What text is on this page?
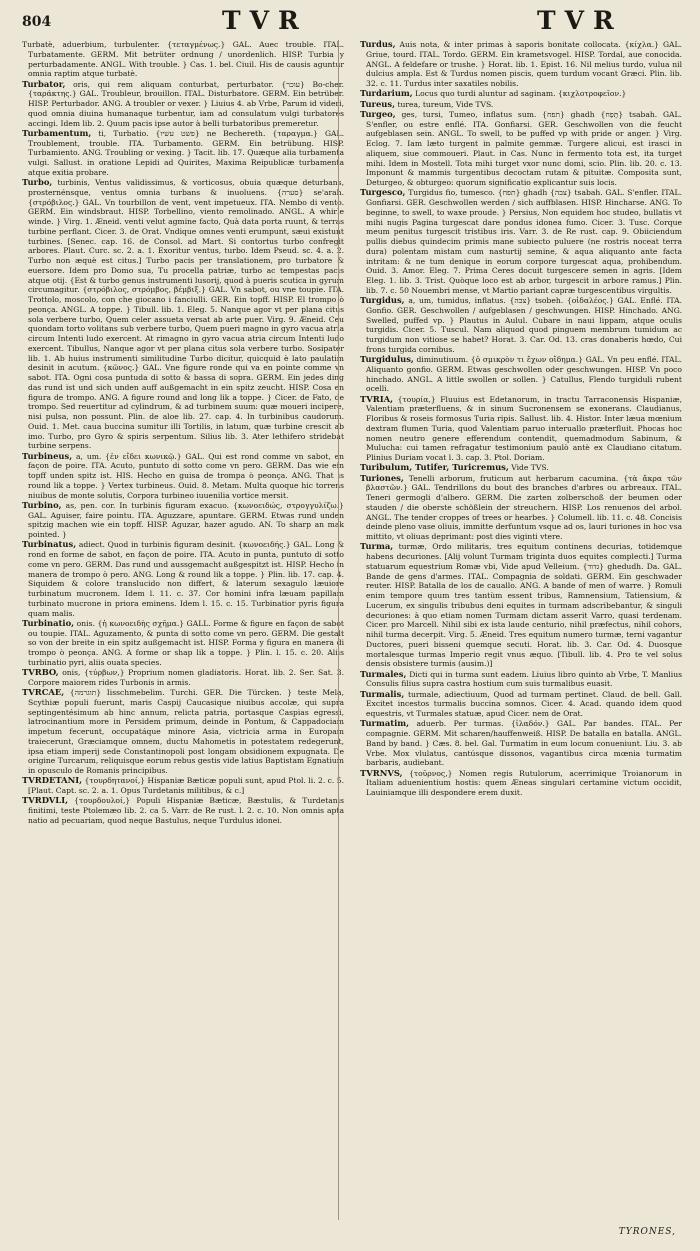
804	TVR	TVR

Turbatè, aduerbium, turbulenter. {τεταγμένως.} GAL. Auec trouble. ITAL. Turbatamente. GERM. Mit betrüter ordnung / unordenlich. HISP. Turbia y perturbadamente. ANGL. With trouble. } Cas. 1. bel. Ciuil. His de causis aguntur omnia raptim atque turbatè.

Turbator, oris, qui rem aliquam conturbat, perturbator. {עוכר} Bo-cher. {ταράκτης.} GAL. Troubleur, brouillon. ITAL. Disturbatore. GERM. Ein betrüber. HISP. Perturbador. ANG. A troubler or vexer. } Liuius 4. ab Vrbe, Parum id videri, quod omnia diuina humanaque turbentur, iam ad consulatum vulgi turbatores accingi. Idem lib. 2. Quum pacis ipse autor à belli turbatoribus premeretur.

Turbamentum, ti, Turbatio. {פשט עשיו} ne Bechereth. {ταραγμα.} GAL. Troublement, trouble. ITA. Turbamento. GERM. Ein betrübung. HISP. Turbamiento. ANG. Troubling or vexing. } Tacit. lib. 17. Quæque alia turbamenta vulgi. Sallust. in oratione Lepidi ad Quirites, Maxima Reipublicæ turbamenta atque exitia probare.

Turbo, turbinis, Ventus validissimus, & vorticosus, obuia quæque deturbans, prosternénsque, ventus omnia turbans & inuoluens. {סערה} se'arah. {στρόβιλος.} GAL. Vn tourbillon de vent, vent impetueux. ITA. Nembo di vento. GERM. Ein windsbraut. HISP. Torbellino, viento remolinado. ANGL. A whirle winde. } Virg. 1. Æneid. venti velut agmine facto, Quà data porta ruunt, & terras turbine perflant. Cicer. 3. de Orat. Vndique omnes venti erumpunt, sæui existunt turbines. [Senec. cap. 16. de Consol. ad Mart. Si contortus turbo confregit arbores. Plaut. Curc. sc. 2. a. 1. Exoritur ventus, turbo. Idem Pseud. sc. 4. a. 2. Turbo non æquè est citus.] Turbo pacis per translationem, pro turbatore & euersore. Idem pro Domo sua, Tu procella patriæ, turbo ac tempestas pacis atque otij. {Est & turbo genus instrumenti lusorij, quod à pueris scutica in gyrum circumagitur. {στρόβιλος, στρόμβος, βέμβιξ.} GAL. Vn sabot, ou vne toupie. ITA. Trottolo, moscolo, con che giocano i fanciulli. GER. Ein topff. HISP. El trompo ò peonça. ANGL. A toppe. } Tibull. lib. 1. Eleg. 5. Nanque agor vt per plana citus sola verbere turbo, Quem celer assueta versat ab arte puer. Virg. 9. Æneid. Ceu quondam torto volitans sub verbere turbo, Quem pueri magno in gyro vacua atria circum Intenti ludo exercent. At rimagno in gyro vacua atria circum Intenti ludo exercent. Tibullus, Nanque agor vt per plana citus sola verbere turbo. Sosipater lib. 1. Ab huius instrumenti similitudine Turbo dicitur, quicquid è lato paulatim desinit in acutum. {κῶνος.} GAL. Vne figure ronde qui va en pointe comme vn sabot. ITA. Ogni cosa puntuda di sotto & bassa di sopra. GERM. Ein jedes ding das rund ist und sich unden auff außgemacht in ein spitz zeucht. HISP. Cosa en figura de trompo. ANG. A figure round and long lik a toppe. } Cicer. de Fato, de trompo. Sed reuertitur ad cylindrum, & ad turbinem suum: quæ moueri incipere, nisi pulsa, non possunt. Plin. de aloe lib. 27. cap. 4. In turbinibus caudorum. Ouid. 1. Met. caua buccina sumitur illi Tortilis, in latum, quæ turbine crescit ab imo. Turbo, pro Gyro & spiris serpentum. Silius lib. 3. Ater lethifero stridebat turbine serpens.

Turbineus, a, um. {ἐν εἴδει κωνικῷ.} GAL. Qui est rond comme vn sabot, en façon de poire. ITA. Acuto, puntuto di sotto come vn pero. GERM. Das wie ein topff unden spitz ist. HIS. Hecho en guisa de trompa ò peonça. ANG. That is round lik a toppe. } Vertex turbineus. Ouid. 8. Metam. Multa quoque hic torrens niuibus de monte solutis, Corpora turbineo iuuenilia vortice mersit.

Turbino, as, pen. cor. In turbinis figuram exacuo. {κωνοειδώς, στρογγυλίζω.} GAL. Aguiser, faire pointu. ITA. Aguzzare, apuntare. GERM. Etwas rund unden spitzig machen wie ein topff. HISP. Aguzar, hazer agudo. AN. To sharp an mak pointed. }

Turbinatus, adiect. Quod in turbinis figuram desinit. {κωνοειδής.} GAL. Long & rond en forme de sabot, en façon de poire. ITA. Acuto in punta, puntuto di sotto come vn pero. GERM. Das rund und aussgemacht außgespitzt ist. HISP. Hecho in manera de trompo ò pero. ANG. Long & round lik a toppe. } Plin. lib. 17. cap. 4. Siquidem & colore translucido non differt, & laterum sexagulo læuiore turbinatum mucronem. Idem l. 11. c. 37. Cor homini infra læuam papillam turbinato mucrone in priora eminens. Idem l. 15. c. 15. Turbinatior pyris figura quam malis.

Turbinatio, onis. {ἡ κωνοειδὴς σχῆμα.} GALL. Forme & figure en façon de sabot ou toupie. ITAL. Aguzamento, & punta di sotto come vn pero. GERM. Die gestalt so von der breite in ein spitz außgemacht ist. HISP. Forma y figura en manera di trompo ò peonça. ANG. A forme or shap lik a toppe. } Plin. l. 15. c. 20. Aliis turbinatio pyri, aliis ouata species.

TVRBO, onis, {τύρβων,} Proprium nomen gladiatoris. Horat. lib. 2. Ser. Sat. 3. Corpore maiorem rides Turbonis in armis.

TVRCAE, {תוגרמה} Iisschmebelim. Turchi. GER. Die Türcken. } teste Mela, Scythiæ populi fuerunt, maris Caspij Caucasique niuibus accolæ, qui supra septingentésimum ab hinc annum, relicta patria, portasque Caspias egressi, latrocinantium more in Persidem primum, deinde in Pontum, & Cappadociam impetum fecerunt, occupatáque minore Asia, victricia arma in Europam traiecerunt, Græciamque omnem, ductu Mahometis in potestatem redegerunt, ipsa etiam imperij sede Constantinopoli post longam obsidionem expugnata. De origine Turcarum, reliquisque eorum rebus gestis vide latius Baptistam Egnatium in opusculo de Romanis principibus.

TVRDETANI, {τουρδητανοί,} Hispaniæ Bæticæ populi sunt, apud Ptol. li. 2. c. 5. [Plaut. Capt. sc. 2. a. 1. Opus Turdetanis militibus, & c.]

TVRDVLI, {τουρδουλοί,} Populi Hispaniæ Bæticæ, Bæstulis, & Turdetanis finitimi, teste Ptolemæo lib. 2. ca 5. Varr. de Re rust. l. 2. c. 10. Non omnis apta natio ad pecuariam, quod neque Bastulus, neque Turdulus idonei.

Turdus, Auis nota, & inter primas à saporis bonitate collocata. {κίχλα.} GAL. Griue, tourd. ITAL. Tordo. GERM. Ein krametsvogel. HISP. Tordal, aue conocida. ANGL. A feldefare or trushe. } Horat. lib. 1. Epist. 16. Nil melius turdo, vulua nil dulcius ampla. Est & Turdus nomen piscis, quem turdum vocant Græci. Plin. lib. 32. c. 11. Turdus inter saxatiles nobilis.

Turdarium, Locus quo turdi aluntur ad saginam. {κιχλοτροφεῖον.}

Tureus, turea, tureum, Vide TVS.

Turgeo, ges, tursi, Tumeo, inflatus sum. {תפח} ghadh {תָּפַח} tsabah. GAL. S'enfler, ou estre enflé. ITA. Gonfiarsi. GER. Geschwollen von die feucht aufgeblasen sein. ANGL. To swell, to be puffed vp with pride or anger. } Virg. Eclog. 7. Iam læto turgent in palmite gemmæ. Turgere alicui, est irasci in aliquem, siue commoueri. Plaut. in Cas. Nunc in fermento tota est, ita turget mihi. Idem in Mostell. Tota mihi turget vxor nunc domi, scio. Plin. lib. 20. c. 13. Imponunt & mammis turgentibus decoctam rutam & pituitæ. Composita sunt, Deturgeo, & obturgeo: quorum significatio explicantur suis locis.

Turgesco, Turgidus fio, tumesco. {תפח} ghadh {צבה} tsabah. GAL. S'enfler. ITAL. Gonfiarsi. GER. Geschwollen werden / sich auffblasen. HISP. Hincharse. ANG. To beginne, to swell, to waxe proude. } Persius, Non equidem hoc studeo, bullatis vt mihi nugis Pagina turgescat dare pondus idonea fumo. Cicer. 3. Tusc. Corque meum penitus turgescit tristibus iris. Varr. 3. de Re rust. cap. 9. Obiiciendum pullis diebus quindecim primis mane subiecto puluere (ne rostris noceat terra dura) polentam mistam cum nasturtij semine, & aqua aliquanto ante facta intritam: & ne tum denique in eorum corpore turgescat aqua, prohibendum. Ouid. 3. Amor. Eleg. 7. Prima Ceres docuit turgescere semen in agris. [Idem Eleg. 1. lib. 3. Trist. Quòque loco est ab arbor, turgescit in arbore ramus.] Plin. lib. 7. c. 50 Nouembri mense, vt Martio pariant capræ turgescentibus virgultis.

Turgidus, a, um, tumidus, inflatus. {צבה} tsobeh. {οἰδαλέος.} GAL. Enflé. ITA. Gonfio. GER. Geschwollen / aufgeblasen / geschwungen. HISP. Hinchado. ANG. Swelled, puffed vp. } Plautus in Aulul. Cubare in naui lippam, atque oculis turgidis. Cicer. 5. Tuscul. Nam aliquod quod pinguem membrum tumidum ac turgidum non vitiose se habet? Horat. 3. Car. Od. 13. cras donaberis hœdo, Cui frons turgida cornibus.

Turgidulus, diminutiuum. {ὁ σμικρὸν τι ἔχων οἴδημα.} GAL. Vn peu enflé. ITAL. Aliquanto gonfio. GERM. Etwas geschwollen oder geschwungen. HISP. Vn poco hinchado. ANGL. A little swollen or sollen. } Catullus, Flendo turgiduli rubent ocelli.

TVRIA, {τουρία,} Fluuius est Edetanorum, in tractu Tarraconensis Hispaniæ, Valentiam præterfluens, & in sinum Sucronensem se exonerans. Claudianus, Floribus & roseis formosus Turia ripis. Sallust. lib. 4. Histor. Inter læua mœnium dextram flumen Turia, quod Valentiam paruo interuallo præterfluit. Phocas hoc nomen neutro genere efferendum contendit, quemadmodum Sabinum, & Mulucha: cui tamen refragatur testimonium paulò antè ex Claudiano citatum. Plinius Duriam vocat l. 3. cap. 3. Ptol. Doriam.

Turibulum, Tutifer, Turicremus, Vide TVS.

Turiones, Tenelli arborum, fruticum aut herbarum cacumina. {τὰ ἄκρα τῶν βλαστῶν.} GAL. Tendrillons du bout des branches d'arbres ou arbreaux. ITAL. Teneri germogli d'albero. GERM. Die zarten zolberschoß der beumen oder stauden / die oberste schößlein der streuchern. HISP. Los renuenos del arbol. ANGL. The tender croppes of trees or hearbes. } Columell. lib. 11. c. 48. Concisis deinde pleno vase oliuis, immitte derfuntum vsque ad os, lauri turiones in hoc vsa mittito, vt oliuas deprimant: post dies viginti vtere.

Turma, turmæ, Ordo militaris, tres equitum continens decurias, totidemque habens decuriones. [Alij volunt Turmam triginta duos equites complecti.] Turma statuarum equestrium Romæ vbi, Vide apud Velleium. {גדוד} ghedudh. Da. GAL. Bande de gens d'armes. ITAL. Compagnia de soldati. GERM. Ein geschwader reuter. HISP. Batalla de los de cauallo. ANG. A bande of men of warre. } Romuli enim tempore quum tres tantùm essent tribus, Ramnensium, Tatiensium, & Lucerum, ex singulis tribubus deni equites in turmam adscribebantur, & singuli decuriones: à quo etiam nomen Turmam dictam asserit Varro, quasi terdenam. Cicer. pro Marcell. Nihil sibi ex ista laude centurio, nihil præfectus, nihil cohors, nihil turma decerpit. Virg. 5. Æneid. Tres equitum numero turmæ, terni vagantur Ductores, pueri bisseni quemque secuti. Horat. lib. 3. Car. Od. 4. Duosque mortalesque turmas Imperio regit vnus æquo. [Tibull. lib. 4. Pro te vel solus densis obsistere turmis (ausim.)]

Turmales, Dicti qui in turma sunt eadem. Liuius libro quinto ab Vrbe, T. Manlius Consulis filius supra castra hostium cum suis turmalibus euasit.

Turmalis, turmale, adiectiuum, Quod ad turmam pertinet. Claud. de bell. Gall. Excitet incestos turmalis buccina somnos. Cicer. 4. Acad. quando idem quod equestris, vt Turmales statuæ, apud Cicer. nem de Orat.

Turmatim, aduerb. Per turmas. {ἰλαδόν.} GAL. Par bandes. ITAL. Per compagnie. GERM. Mit scharen/hauffenweiß. HISP. De batalla en batalla. ANGL. Band by band. } Cæs. 8. bel. Gal. Turmatim in eum locum conueniunt. Liu. 3. ab Vrbe. Mox vlulatus, cantúsque dissonos, vagantibus circa mœnia turmatim barbaris, audiebant.

TVRNVS, {τοῦρνος,} Nomen regis Rutulorum, acerrimique Troianorum in Italiam aduenientium hostis: quem Æneas singulari certamine victum occidit, Lauiniamque illi despondere erem duxit.

TYRONES,
